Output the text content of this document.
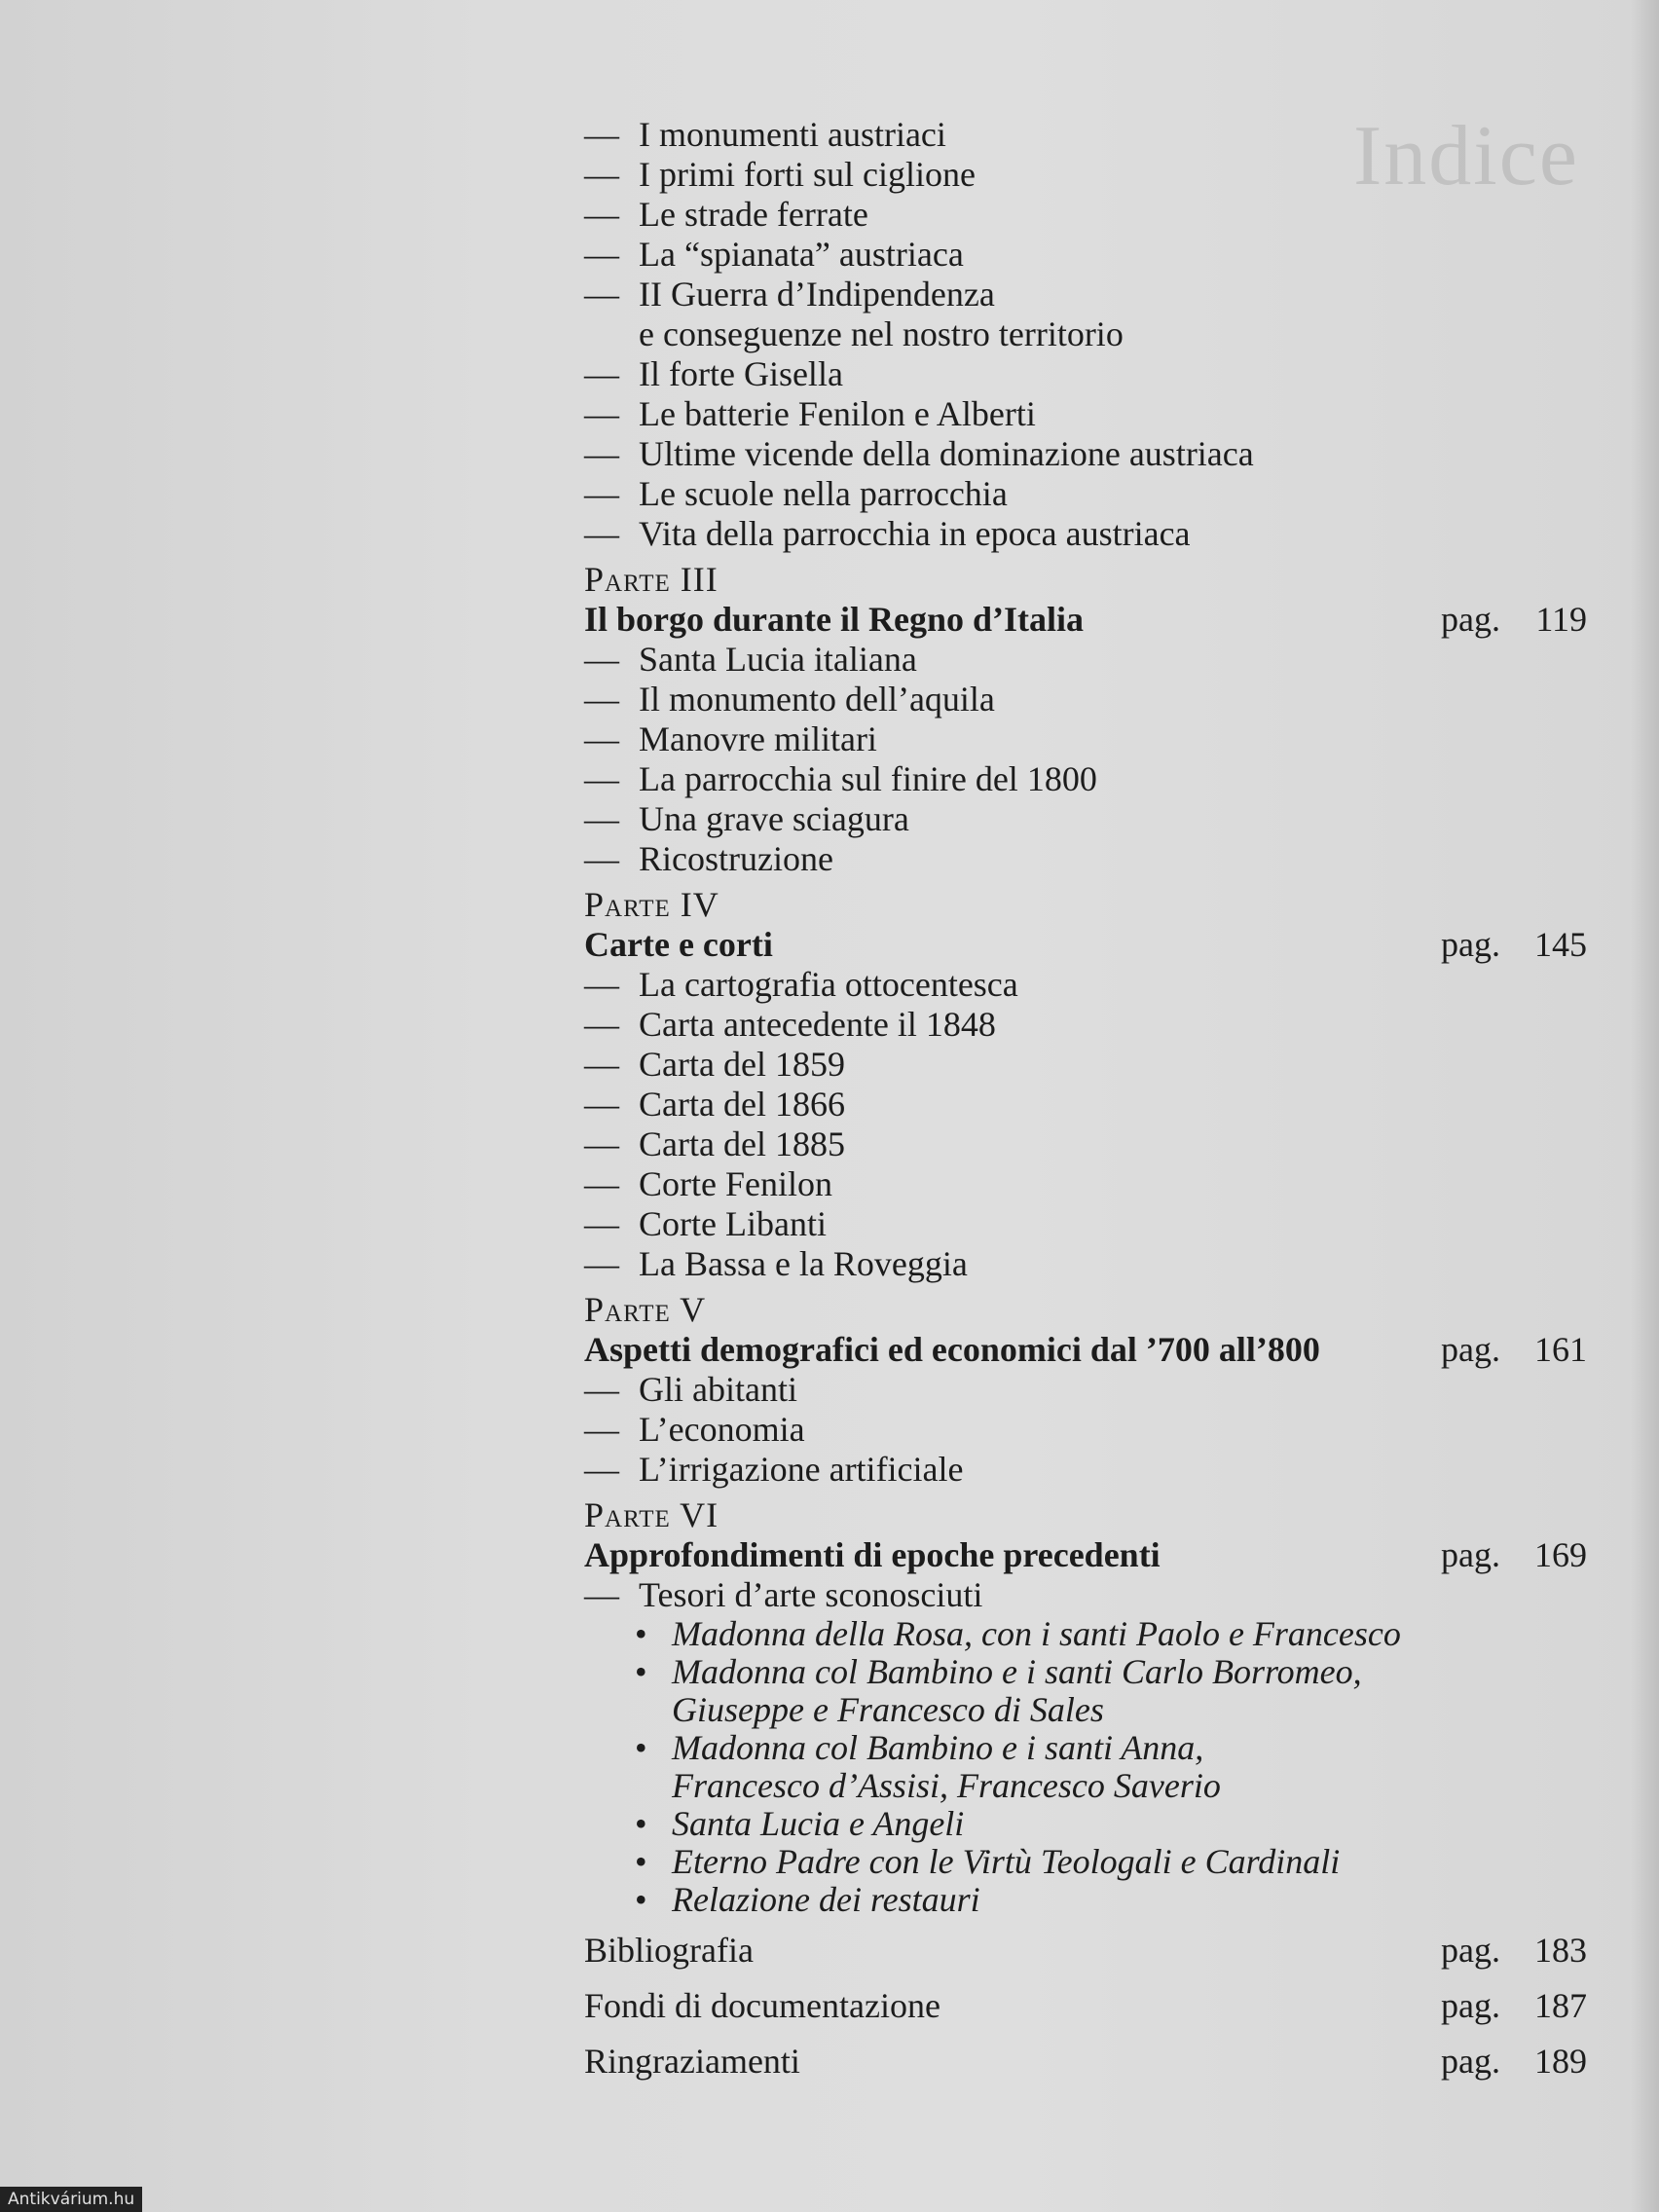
Indice
— I monumenti austriaci
— I primi forti sul ciglione
— Le strade ferrate
— La “spianata” austriaca
— II Guerra d’Indipendenza
e conseguenze nel nostro territorio
— Il forte Gisella
— Le batterie Fenilon e Alberti
— Ultime vicende della dominazione austriaca
— Le scuole nella parrocchia
— Vita della parrocchia in epoca austriaca
Parte III
Il borgo durante il Regno d’Italia	pag. 119
— Santa Lucia italiana
— Il monumento dell’aquila
— Manovre militari
— La parrocchia sul finire del 1800
— Una grave sciagura
— Ricostruzione
Parte IV
Carte e corti	pag. 145
— La cartografia ottocentesca
— Carta antecedente il 1848
— Carta del 1859
— Carta del 1866
— Carta del 1885
— Corte Fenilon
— Corte Libanti
— La Bassa e la Roveggia
Parte V
Aspetti demografici ed economici dal ’700 all’800	pag. 161
— Gli abitanti
— L’economia
— L’irrigazione artificiale
Parte VI
Approfondimenti di epoche precedenti	pag. 169
— Tesori d’arte sconosciuti
• Madonna della Rosa, con i santi Paolo e Francesco
• Madonna col Bambino e i santi Carlo Borromeo,
Giuseppe e Francesco di Sales
• Madonna col Bambino e i santi Anna,
Francesco d’Assisi, Francesco Saverio
• Santa Lucia e Angeli
• Eterno Padre con le Virtù Teologali e Cardinali
• Relazione dei restauri
Bibliografia	pag. 183
Fondi di documentazione	pag. 187
Ringraziamenti	pag. 189
Antikvárium.hu
